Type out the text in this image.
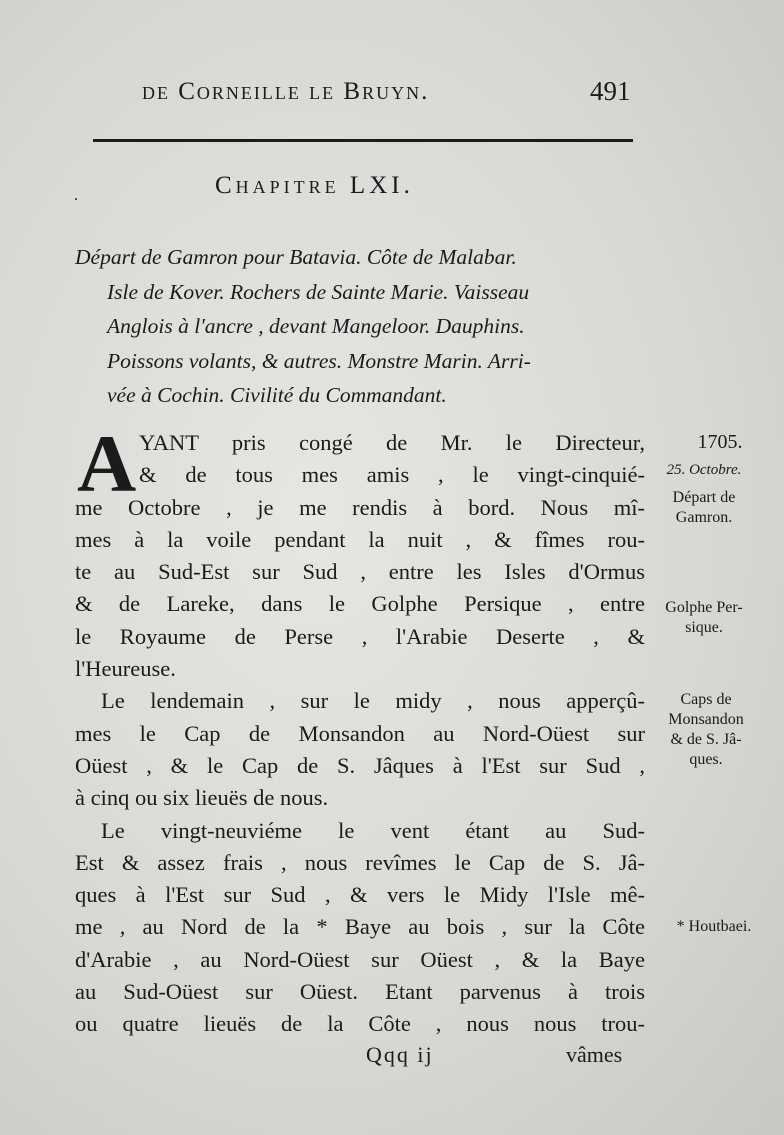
.
de Corneille le Bruyn.	491
Chapitre LXI.

Départ de Gamron pour Batavia. Côte de Malabar.

Isle de Kover. Rochers de Sainte Marie. Vaisseau

Anglois à l'ancre , devant Mangeloor. Dauphins.

Poissons volants, & autres. Monstre Marin. Arri-

vée à Cochin. Civilité du Commandant.

A YANT pris congé de Mr. le Directeur,

& de tous mes amis , le vingt-cinquié-

me Octobre , je me rendis à bord. Nous mî-

mes à la voile pendant la nuit , & fîmes rou-

te au Sud-Est sur Sud , entre les Isles d'Ormus

& de Lareke, dans le Golphe Persique , entre

le Royaume de Perse , l'Arabie Deserte , &

l'Heureuse.

Le lendemain , sur le midy , nous apperçû-

mes le Cap de Monsandon au Nord-Oüest sur

Oüest , & le Cap de S. Jâques à l'Est sur Sud ,

à cinq ou six lieuës de nous.

Le vingt-neuviéme le vent étant au Sud-

Est & assez frais , nous revîmes le Cap de S. Jâ-

ques à l'Est sur Sud , & vers le Midy l'Isle mê-

me , au Nord de la * Baye au bois , sur la Côte

d'Arabie , au Nord-Oüest sur Oüest , & la Baye

au Sud-Oüest sur Oüest. Etant parvenus à trois

ou quatre lieuës de la Côte , nous nous trou-

1705.
25. Octobre.
Départ de
Gamron.
Golphe Per-
sique.
Caps de
Monsandon
& de S. Jâ-
ques.
* Houtbaei.
Qqq ij	vâmes
